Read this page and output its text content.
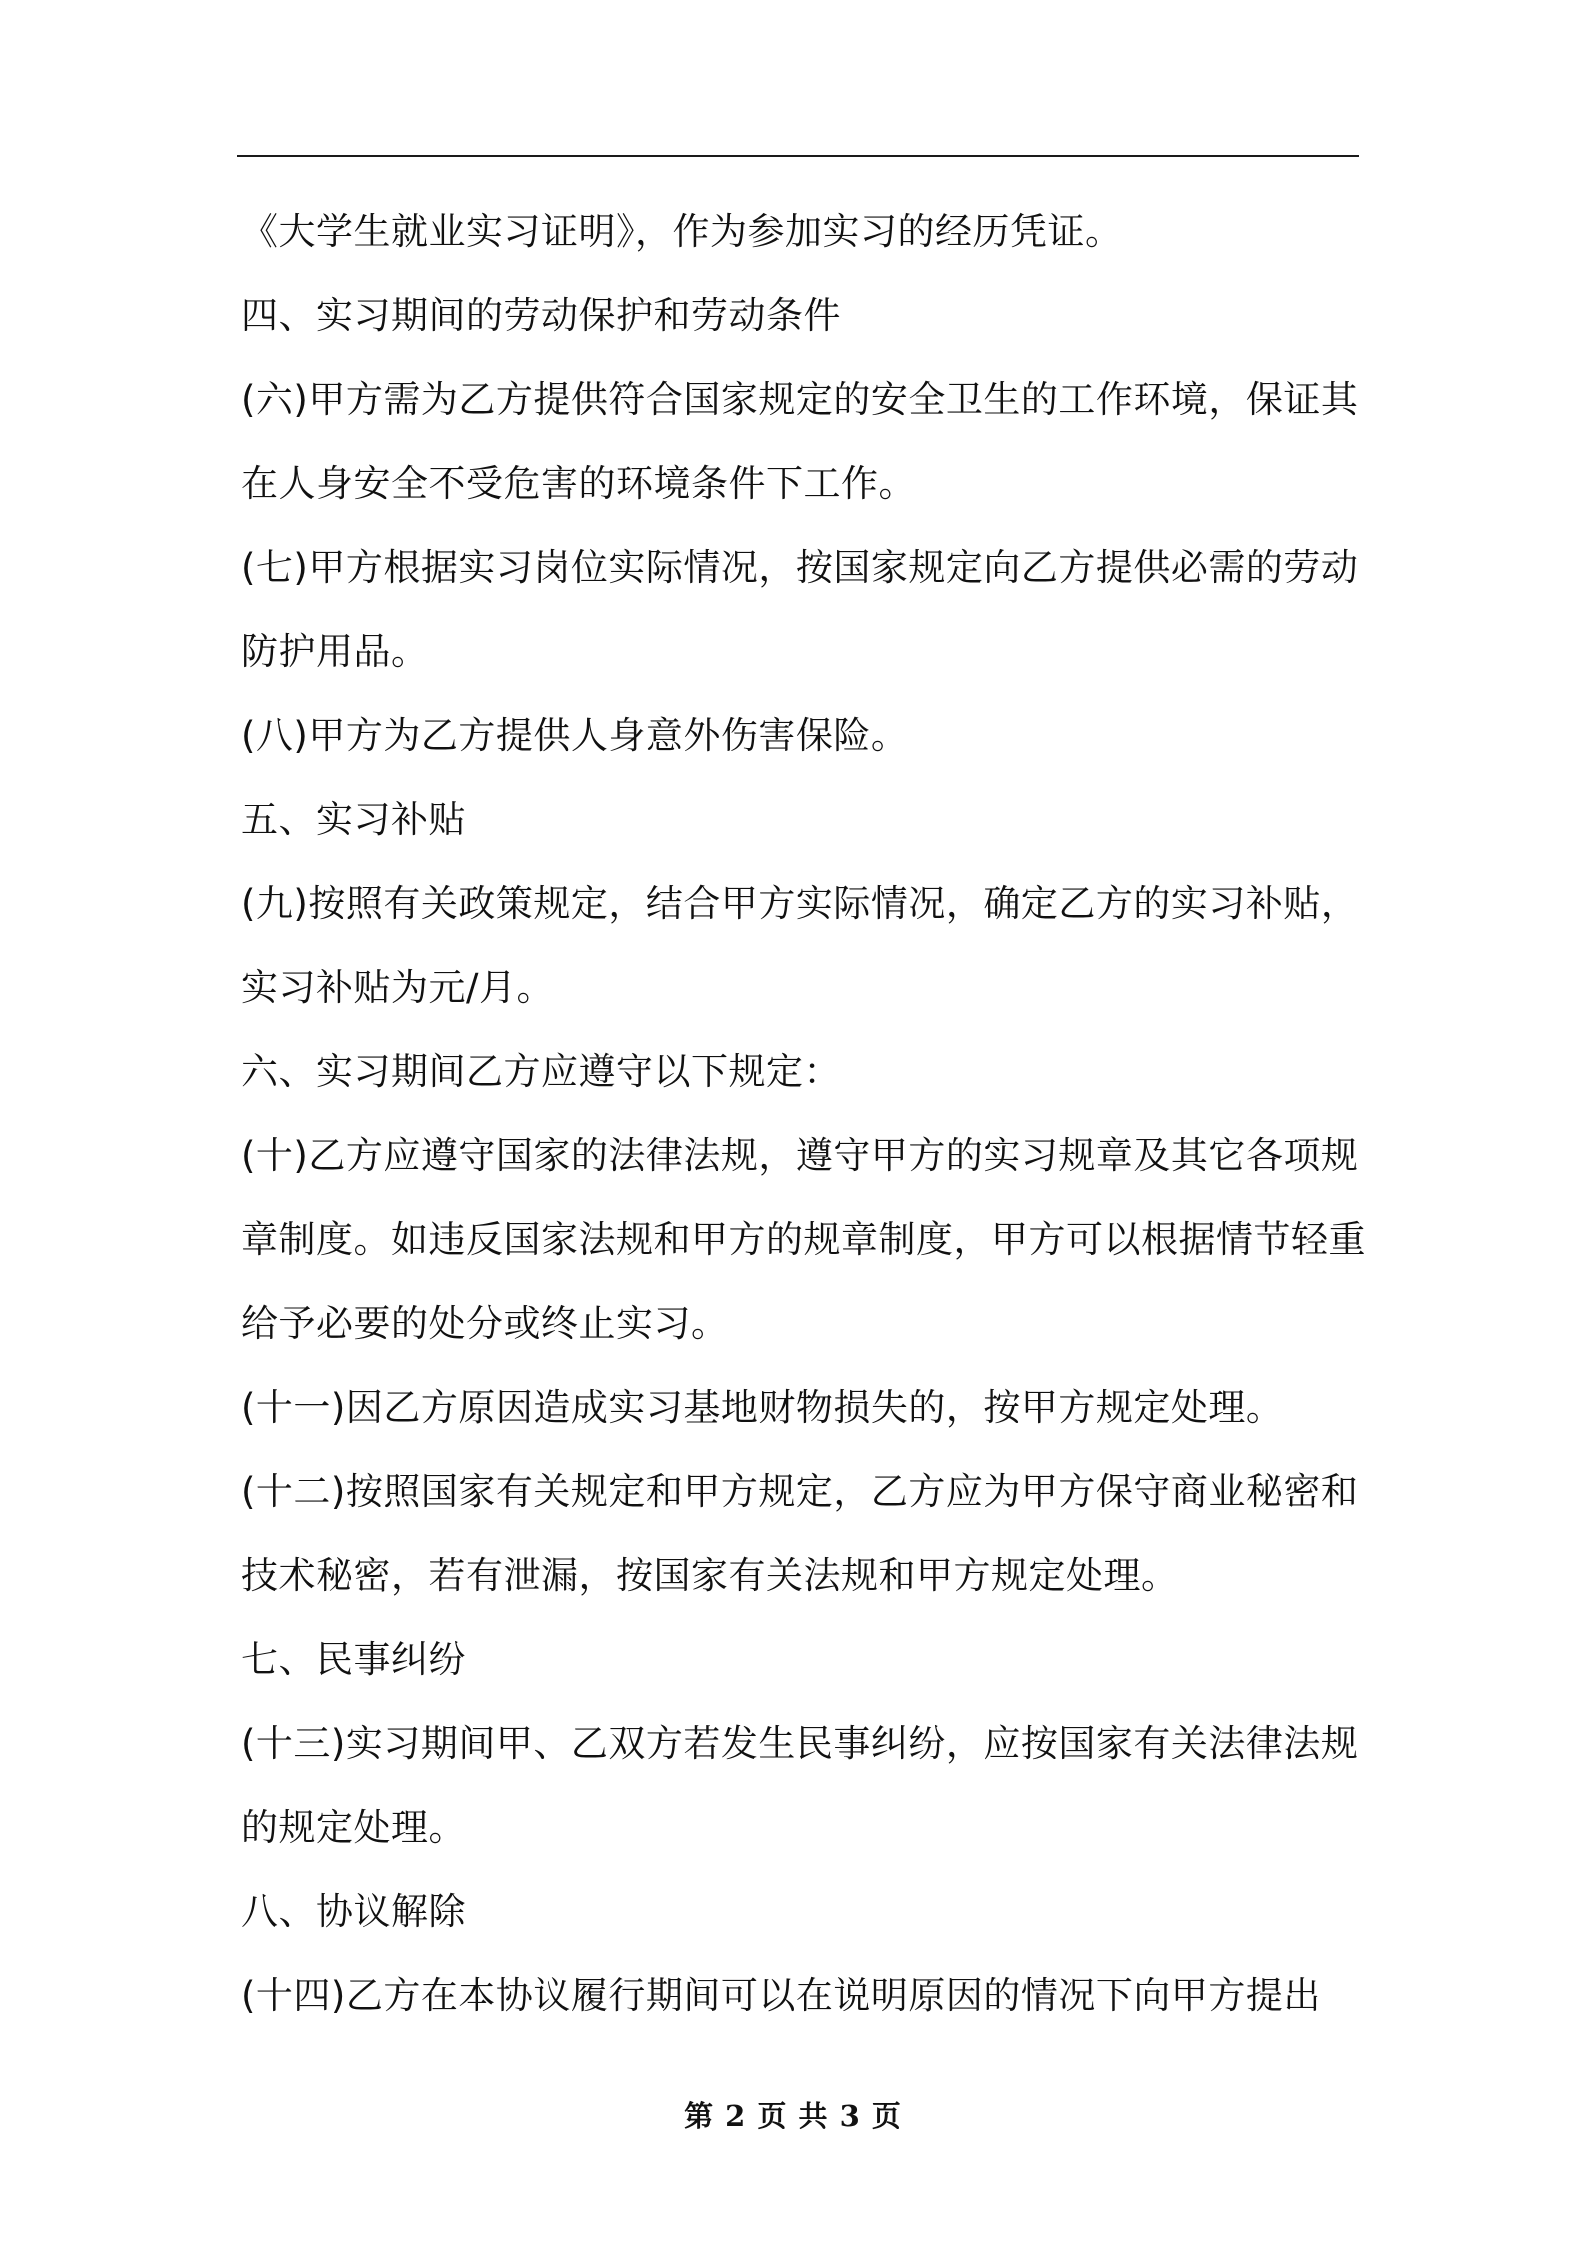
《大学生就业实习证明》，作为参加实习的经历凭证。

四、实习期间的劳动保护和劳动条件

(六)甲方需为乙方提供符合国家规定的安全卫生的工作环境，保证其

在人身安全不受危害的环境条件下工作。

(七)甲方根据实习岗位实际情况，按国家规定向乙方提供必需的劳动

防护用品。

(八)甲方为乙方提供人身意外伤害保险。

五、实习补贴

(九)按照有关政策规定，结合甲方实际情况，确定乙方的实习补贴，

实习补贴为元/月。

六、实习期间乙方应遵守以下规定：

(十)乙方应遵守国家的法律法规，遵守甲方的实习规章及其它各项规

章制度。如违反国家法规和甲方的规章制度，甲方可以根据情节轻重

给予必要的处分或终止实习。

(十一)因乙方原因造成实习基地财物损失的，按甲方规定处理。

(十二)按照国家有关规定和甲方规定，乙方应为甲方保守商业秘密和

技术秘密，若有泄漏，按国家有关法规和甲方规定处理。

七、民事纠纷

(十三)实习期间甲、乙双方若发生民事纠纷，应按国家有关法律法规

的规定处理。

八、协议解除

(十四)乙方在本协议履行期间可以在说明原因的情况下向甲方提出

第 2 页 共 3 页
